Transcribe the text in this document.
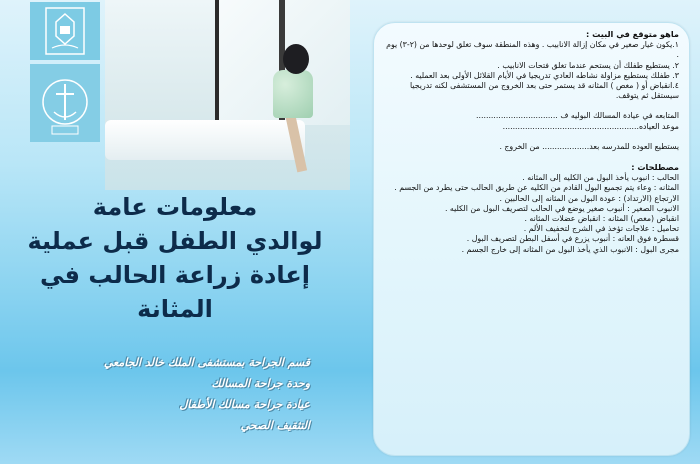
معلومات عامة
لوالدي الطفل قبل عملية
إعادة زراعة الحالب في المثانة
قسم الجراحة بمستشفى الملك خالد الجامعي
وحدة جراحة المسالك
عيادة جراحة مسالك الأطفال
التثقيف الصحي

ماهو متوقع في البيت :

١.يكون غيار صغير في مكان إزالة الانابيب . وهذه المنطقة سوف تغلق لوحدها من (٢-٣) يوم .

٢. يستطيع طفلك أن يستحم عندما تغلق فتحات الانابيب .

٣. طفلك يستطيع مزاولة نشاطه العادي تدريجيا في الأيام القلائل الأولى بعد العمليه .

٤.انقباض أو ( مغص ) المثانه قد يستمر حتى بعد الخروج من المستشفى لكنه تدريجيا سيستقل ثم يتوقف.

المتابعه في عيادة المسالك البوليه ف .................................

موعد العياده.......................................................

يستطيع العوده للمدرسه بعد................... من الخروج .

مصطلحات :

الحالب : انبوب يأخذ البول من الكليه إلى المثانه .

المثانه : وعاء يتم تجميع البول القادم من الكليه عن طريق الحالب حتى يطرد من الجسم .

الارتجاع (الارتداد) : عودة البول من المثانه إلى الحالبين .

الانبوب الصغير : أنبوب صغير يوضع في الحالب لتصريف البول من الكليه .

انقباض (مغص) المثانه : انقباض عضلات المثانه .

تحاميل : علاجات تؤخذ في الشرج لتخفيف الألم .

قسطرة فوق العانه : أنبوب يزرع في أسفل البطن لتصريف البول .

مجرى البول : الانبوب الذي يأخذ البول من المثانه إلى خارج الجسم .
